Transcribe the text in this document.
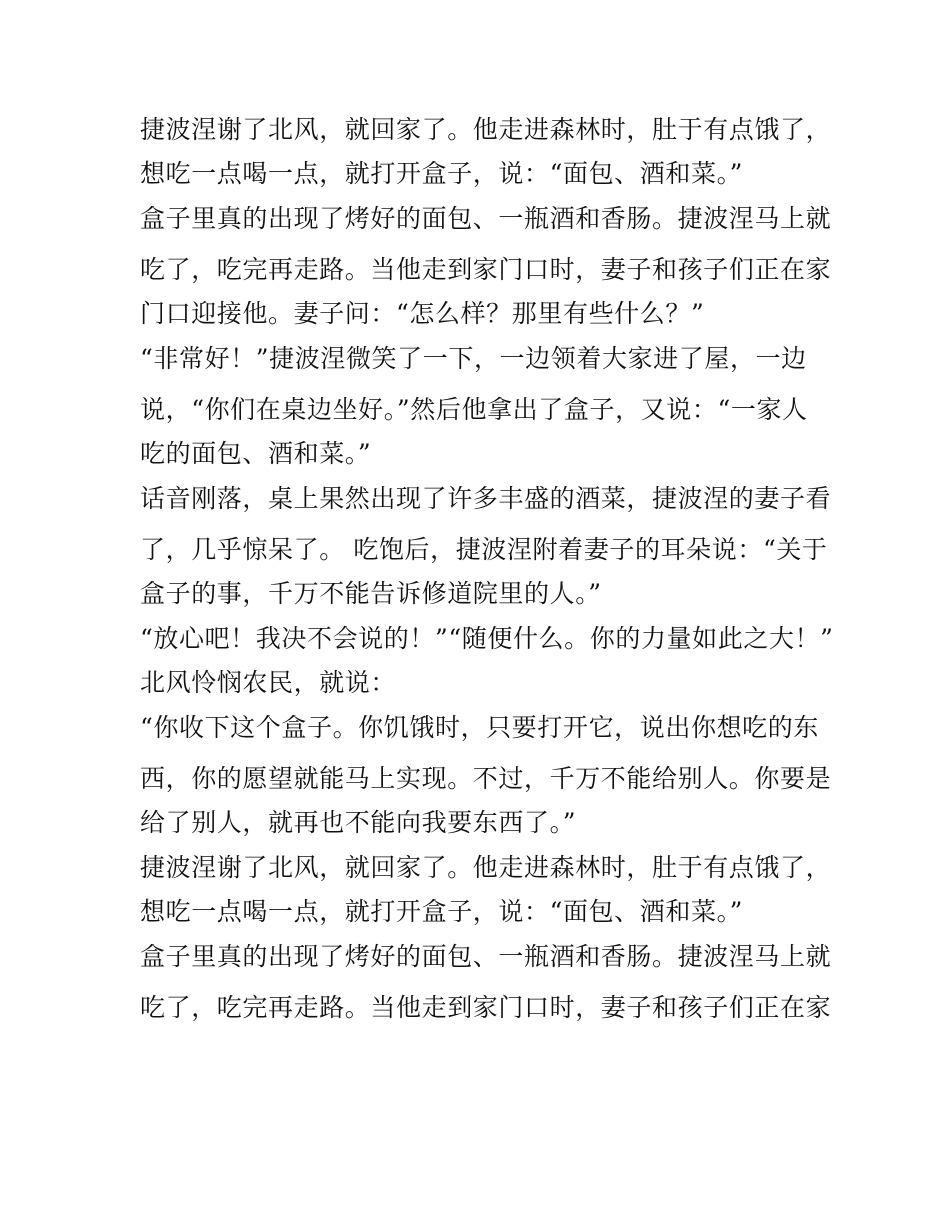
捷波涅谢了北风，就回家了。他走进森林时，肚于有点饿了，
想吃一点喝一点，就打开盒子，说：“面包、酒和菜。”
盒子里真的出现了烤好的面包、一瓶酒和香肠。捷波涅马上就
吃了，吃完再走路。当他走到家门口时，妻子和孩子们正在家
门口迎接他。妻子问：“怎么样？那里有些什么？”
“非常好！”捷波涅微笑了一下，一边领着大家进了屋，一边
说，“你们在桌边坐好。”然后他拿出了盒子，又说：“一家人
吃的面包、酒和菜。”
话音刚落，桌上果然出现了许多丰盛的酒菜，捷波涅的妻子看
了，几乎惊呆了。 吃饱后，捷波涅附着妻子的耳朵说：“关于
盒子的事，千万不能告诉修道院里的人。”
“放心吧！我决不会说的！”“随便什么。你的力量如此之大！”
北风怜悯农民，就说：
“你收下这个盒子。你饥饿时，只要打开它，说出你想吃的东
西，你的愿望就能马上实现。不过，千万不能给别人。你要是
给了别人，就再也不能向我要东西了。”
捷波涅谢了北风，就回家了。他走进森林时，肚于有点饿了，
想吃一点喝一点，就打开盒子，说：“面包、酒和菜。”
盒子里真的出现了烤好的面包、一瓶酒和香肠。捷波涅马上就
吃了，吃完再走路。当他走到家门口时，妻子和孩子们正在家
